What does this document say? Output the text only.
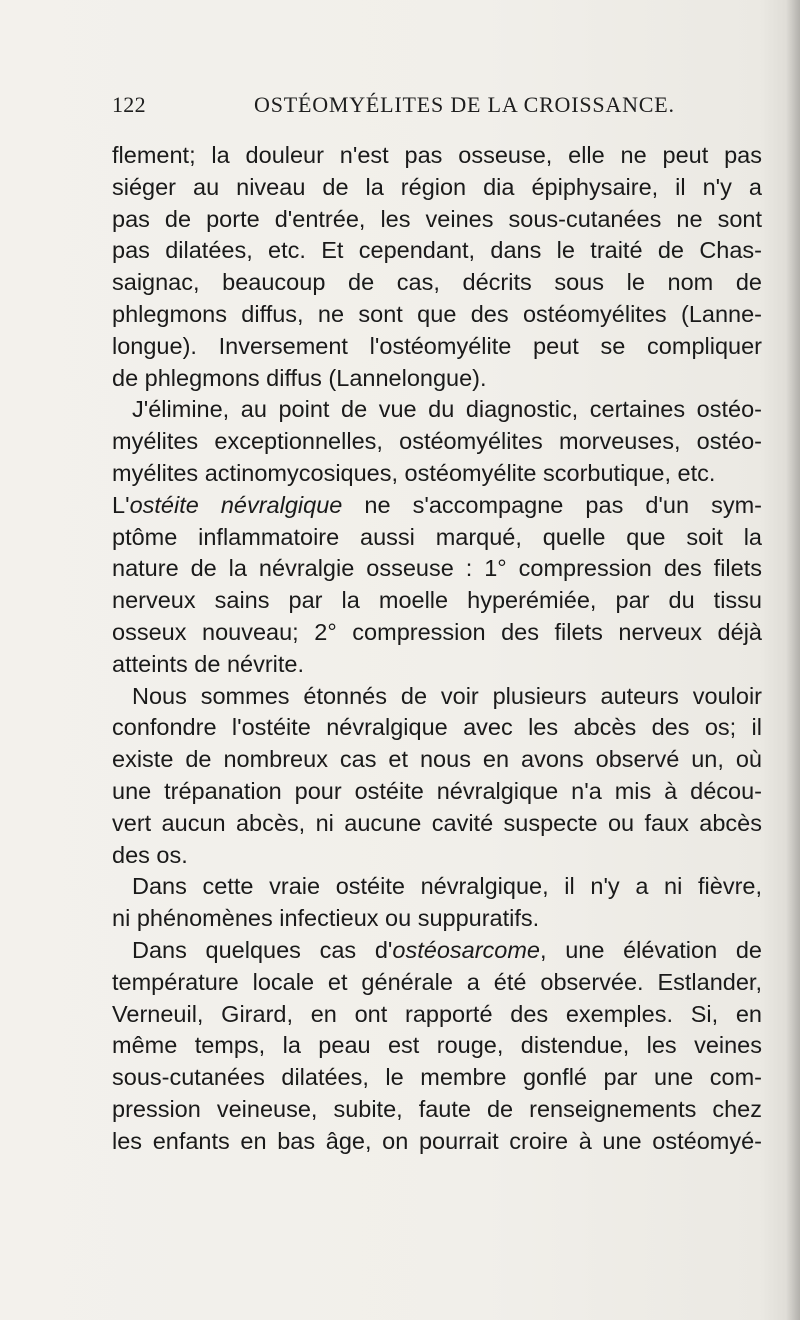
122	OSTÉOMYÉLITES DE LA CROISSANCE.
flement; la douleur n'est pas osseuse, elle ne peut pas
siéger au niveau de la région dia épiphysaire, il n'y a
pas de porte d'entrée, les veines sous-cutanées ne sont
pas dilatées, etc. Et cependant, dans le traité de Chas-
saignac, beaucoup de cas, décrits sous le nom de
phlegmons diffus, ne sont que des ostéomyélites (Lanne-
longue). Inversement l'ostéomyélite peut se compliquer
de phlegmons diffus (Lannelongue).
J'élimine, au point de vue du diagnostic, certaines ostéo-
myélites exceptionnelles, ostéomyélites morveuses, ostéo-
myélites actinomycosiques, ostéomyélite scorbutique, etc.
L'ostéite névralgique ne s'accompagne pas d'un sym-
ptôme inflammatoire aussi marqué, quelle que soit la
nature de la névralgie osseuse : 1° compression des filets
nerveux sains par la moelle hyperémiée, par du tissu
osseux nouveau; 2° compression des filets nerveux déjà
atteints de névrite.
Nous sommes étonnés de voir plusieurs auteurs vouloir
confondre l'ostéite névralgique avec les abcès des os; il
existe de nombreux cas et nous en avons observé un, où
une trépanation pour ostéite névralgique n'a mis à décou-
vert aucun abcès, ni aucune cavité suspecte ou faux abcès
des os.
Dans cette vraie ostéite névralgique, il n'y a ni fièvre,
ni phénomènes infectieux ou suppuratifs.
Dans quelques cas d'ostéosarcome, une élévation de
température locale et générale a été observée. Estlander,
Verneuil, Girard, en ont rapporté des exemples. Si, en
même temps, la peau est rouge, distendue, les veines
sous-cutanées dilatées, le membre gonflé par une com-
pression veineuse, subite, faute de renseignements chez
les enfants en bas âge, on pourrait croire à une ostéomyé-
